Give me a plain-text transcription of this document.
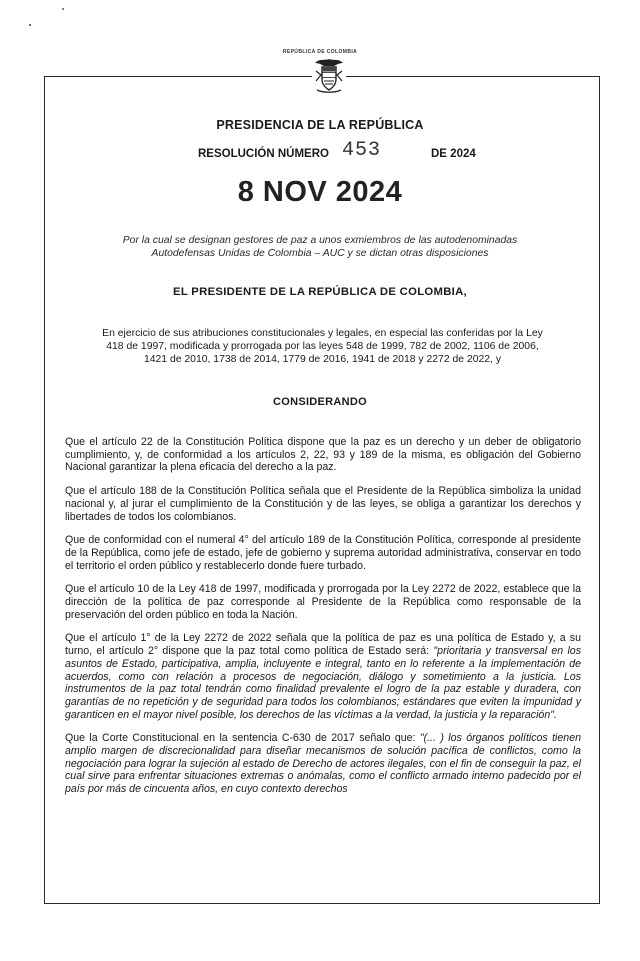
REPÚBLICA DE COLOMBIA
PRESIDENCIA DE LA REPÚBLICA
RESOLUCIÓN NÚMERO 453	DE 2024
8 NOV 2024
Por la cual se designan gestores de paz a unos exmiembros de las autodenominadas Autodefensas Unidas de Colombia – AUC y se dictan otras disposiciones
EL PRESIDENTE DE LA REPÚBLICA DE COLOMBIA,
En ejercicio de sus atribuciones constitucionales y legales, en especial las conferidas por la Ley 418 de 1997, modificada y prorrogada por las leyes 548 de 1999, 782 de 2002, 1106 de 2006, 1421 de 2010, 1738 de 2014, 1779 de 2016, 1941 de 2018 y 2272 de 2022, y
CONSIDERANDO

Que el artículo 22 de la Constitución Política dispone que la paz es un derecho y un deber de obligatorio cumplimiento, y, de conformidad a los artículos 2, 22, 93 y 189 de la misma, es obligación del Gobierno Nacional garantizar la plena eficacia del derecho a la paz.

Que el artículo 188 de la Constitución Política señala que el Presidente de la República simboliza la unidad nacional y, al jurar el cumplimiento de la Constitución y de las leyes, se obliga a garantizar los derechos y libertades de todos los colombianos.

Que de conformidad con el numeral 4° del artículo 189 de la Constitución Política, corresponde al presidente de la República, como jefe de estado, jefe de gobierno y suprema autoridad administrativa, conservar en todo el territorio el orden público y restablecerlo donde fuere turbado.

Que el artículo 10 de la Ley 418 de 1997, modificada y prorrogada por la Ley 2272 de 2022, establece que la dirección de la política de paz corresponde al Presidente de la República como responsable de la preservación del orden público en toda la Nación.

Que el artículo 1° de la Ley 2272 de 2022 señala que la política de paz es una política de Estado y, a su turno, el artículo 2° dispone que la paz total como política de Estado será: "prioritaria y transversal en los asuntos de Estado, participativa, amplia, incluyente e integral, tanto en lo referente a la implementación de acuerdos, como con relación a procesos de negociación, diálogo y sometimiento a la justicia. Los instrumentos de la paz total tendrán como finalidad prevalente el logro de la paz estable y duradera, con garantías de no repetición y de seguridad para todos los colombianos; estándares que eviten la impunidad y garanticen en el mayor nivel posible, los derechos de las víctimas a la verdad, la justicia y la reparación".

Que la Corte Constitucional en la sentencia C-630 de 2017 señalo que: "(... ) los órganos políticos tienen amplio margen de discrecionalidad para diseñar mecanismos de solución pacífica de conflictos, como la negociación para lograr la sujeción al estado de Derecho de actores ilegales, con el fin de conseguir la paz, el cual sirve para enfrentar situaciones extremas o anómalas, como el conflicto armado interno padecido por el país por más de cincuenta años, en cuyo contexto derechos
